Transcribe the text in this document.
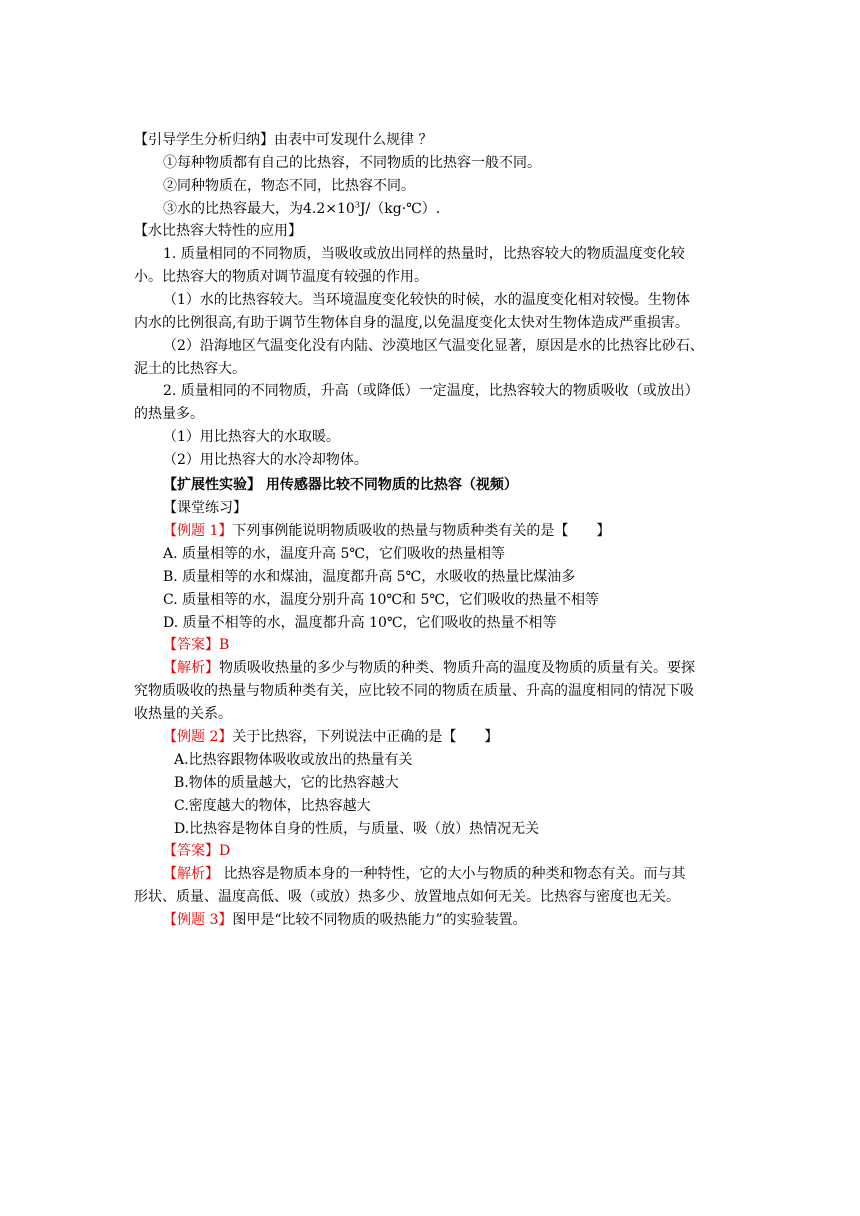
【引导学生分析归纳】由表中可发现什么规律 ？
①每种物质都有自己的比热容，不同物质的比热容一般不同。
②同种物质在，物态不同，比热容不同。
③水的比热容最大，为$4.2\times 10^3J/(kg\cdot℃)$.
【水比热容大特性的应用】
1. 质量相同的不同物质，当吸收或放出同样的热量时，比热容较大的物质温度变化较
小。比热容大的物质对调节温度有较强的作用。
（1）水的比热容较大。当环境温度变化较快的时候，水的温度变化相对较慢。生物体
内水的比例很高,有助于调节生物体自身的温度,以免温度变化太快对生物体造成严重损害。
（2）沿海地区气温变化没有内陆、沙漠地区气温变化显著，原因是水的比热容比砂石、
泥土的比热容大。
2. 质量相同的不同物质，升高（或降低）一定温度，比热容较大的物质吸收（或放出）
的热量多。
（1）用比热容大的水取暖。
（2）用比热容大的水冷却物体。
【扩展性实验】 用传感器比较不同物质的比热容（视频）
【课堂练习】
【例题 1】下列事例能说明物质吸收的热量与物质种类有关的是【　　】
A. 质量相等的水，温度升高 5℃，它们吸收的热量相等
B. 质量相等的水和煤油，温度都升高 5℃，水吸收的热量比煤油多
C. 质量相等的水，温度分别升高 10℃和 5℃，它们吸收的热量不相等
D. 质量不相等的水，温度都升高 10℃，它们吸收的热量不相等
【答案】B
【解析】物质吸收热量的多少与物质的种类、物质升高的温度及物质的质量有关。要探
究物质吸收的热量与物质种类有关，应比较不同的物质在质量、升高的温度相同的情况下吸
收热量的关系。
【例题 2】关于比热容，下列说法中正确的是【　　】
A.比热容跟物体吸收或放出的热量有关
B.物体的质量越大，它的比热容越大
C.密度越大的物体，比热容越大
D.比热容是物体自身的性质，与质量、吸（放）热情况无关
【答案】D
【解析】 比热容是物质本身的一种特性，它的大小与物质的种类和物态有关。而与其
形状、质量、温度高低、吸（或放）热多少、放置地点如何无关。比热容与密度也无关。
【例题 3】图甲是“比较不同物质的吸热能力”的实验装置。
